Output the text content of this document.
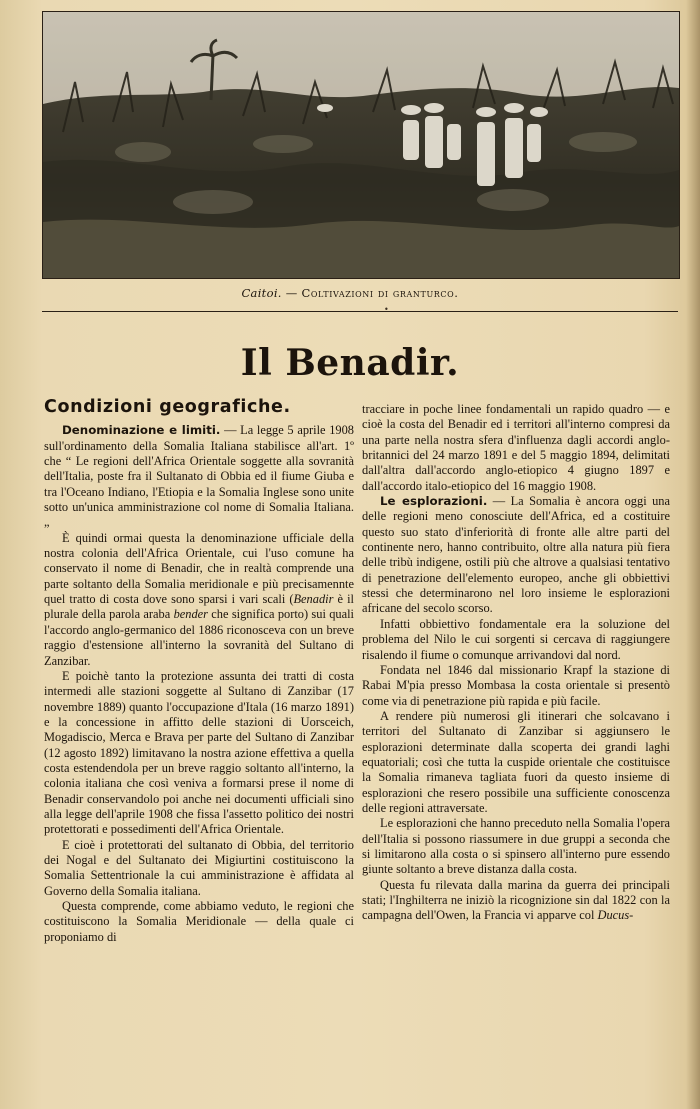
Caitoi. — Coltivazioni di granturco.
•
Il Benadir.
Condizioni geografiche.

Denominazione e limiti. — La legge 5 aprile 1908 sull'ordinamento della Somalia Italiana stabilisce all'art. 1º che “ Le regioni dell'Africa Orientale soggette alla sovranità dell'Italia, poste fra il Sultanato di Obbia ed il fiume Giuba e tra l'Oceano Indiano, l'Etiopia e la Somalia Inglese sono unite sotto un'unica amministrazione col nome di Somalia Italiana. „

È quindi ormai questa la denominazione ufficiale della nostra colonia dell'Africa Orientale, cui l'uso comune ha conservato il nome di Benadir, che in realtà comprende una parte soltanto della Somalia meridionale e più precisamennte quel tratto di costa dove sono sparsi i vari scali (Benadir è il plurale della parola araba bender che significa porto) sui quali l'accordo anglo-germanico del 1886 riconosceva con un breve raggio d'estensione all'interno la sovranità del Sultano di Zanzibar.

E poichè tanto la protezione assunta dei tratti di costa intermedi alle stazioni soggette al Sultano di Zanzibar (17 novembre 1889) quanto l'occupazione d'Itala (16 marzo 1891) e la concessione in affitto delle stazioni di Uorsceich, Mogadiscio, Merca e Brava per parte del Sultano di Zanzibar (12 agosto 1892) limitavano la nostra azione effettiva a quella costa estendendola per un breve raggio soltanto all'interno, la colonia italiana che così veniva a formarsi prese il nome di Benadir conservandolo poi anche nei documenti ufficiali sino alla legge dell'aprile 1908 che fissa l'assetto politico dei nostri protettorati e possedimenti dell'Africa Orientale.

E cioè i protettorati del sultanato di Obbia, del territorio dei Nogal e del Sultanato dei Migiurtini costituiscono la Somalia Settentrionale la cui amministrazione è affidata al Governo della Somalia italiana.

Questa comprende, come abbiamo veduto, le regioni che costituiscono la Somalia Meridionale — della quale ci proponiamo di

tracciare in poche linee fondamentali un rapido quadro — e cioè la costa del Benadir ed i territori all'interno compresi da una parte nella nostra sfera d'influenza dagli accordi anglo-britannici del 24 marzo 1891 e del 5 maggio 1894, delimitati dall'altra dall'accordo anglo-etiopico 4 giugno 1897 e dall'accordo italo-etiopico del 16 maggio 1908.

Le esplorazioni. — La Somalia è ancora oggi una delle regioni meno conosciute dell'Africa, ed a costituire questo suo stato d'inferiorità di fronte alle altre parti del continente nero, hanno contribuito, oltre alla natura più fiera delle tribù indigene, ostili più che altrove a qualsiasi tentativo di penetrazione dell'elemento europeo, anche gli obbiettivi stessi che determinarono nel loro insieme le esplorazioni africane del secolo scorso.

Infatti obbiettivo fondamentale era la soluzione del problema del Nilo le cui sorgenti si cercava di raggiungere risalendo il fiume o comunque arrivandovi dal nord.

Fondata nel 1846 dal missionario Krapf la stazione di Rabai M'pia presso Mombasa la costa orientale si presentò come via di penetrazione più rapida e più facile.

A rendere più numerosi gli itinerari che solcavano i territori del Sultanato di Zanzibar si aggiunsero le esplorazioni determinate dalla scoperta dei grandi laghi equatoriali; così che tutta la cuspide orientale che costituisce la Somalia rimaneva tagliata fuori da questo insieme di esplorazioni che resero possibile una sufficiente conoscenza delle regioni attraversate.

Le esplorazioni che hanno preceduto nella Somalia l'opera dell'Italia si possono riassumere in due gruppi a seconda che si limitarono alla costa o si spinsero all'interno pure essendo giunte soltanto a breve distanza dalla costa.

Questa fu rilevata dalla marina da guerra dei principali stati; l'Inghilterra ne iniziò la ricognizione sin dal 1822 con la campagna dell'Owen, la Francia vi apparve col Ducus-
